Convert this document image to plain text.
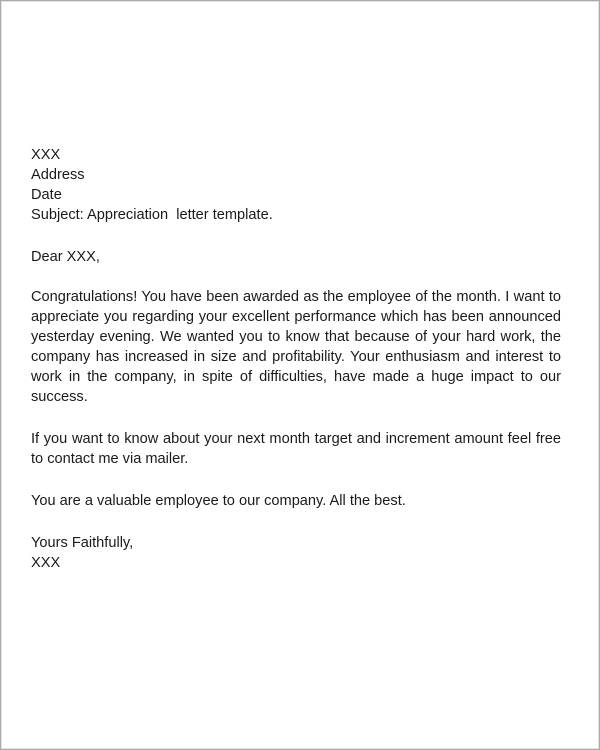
XXX
Address
Date
Subject: Appreciation  letter template.
Dear XXX,

Congratulations! You have been awarded as the employee of the month. I want to appreciate you regarding your excellent performance which has been announced yesterday evening. We wanted you to know that because of your hard work, the company has increased in size and profitability. Your enthusiasm and interest to work in the company, in spite of difficulties, have made a huge impact to our success.

If you want to know about your next month target and increment amount feel free to contact me via mailer.

You are a valuable employee to our company. All the best.

Yours Faithfully,
XXX
